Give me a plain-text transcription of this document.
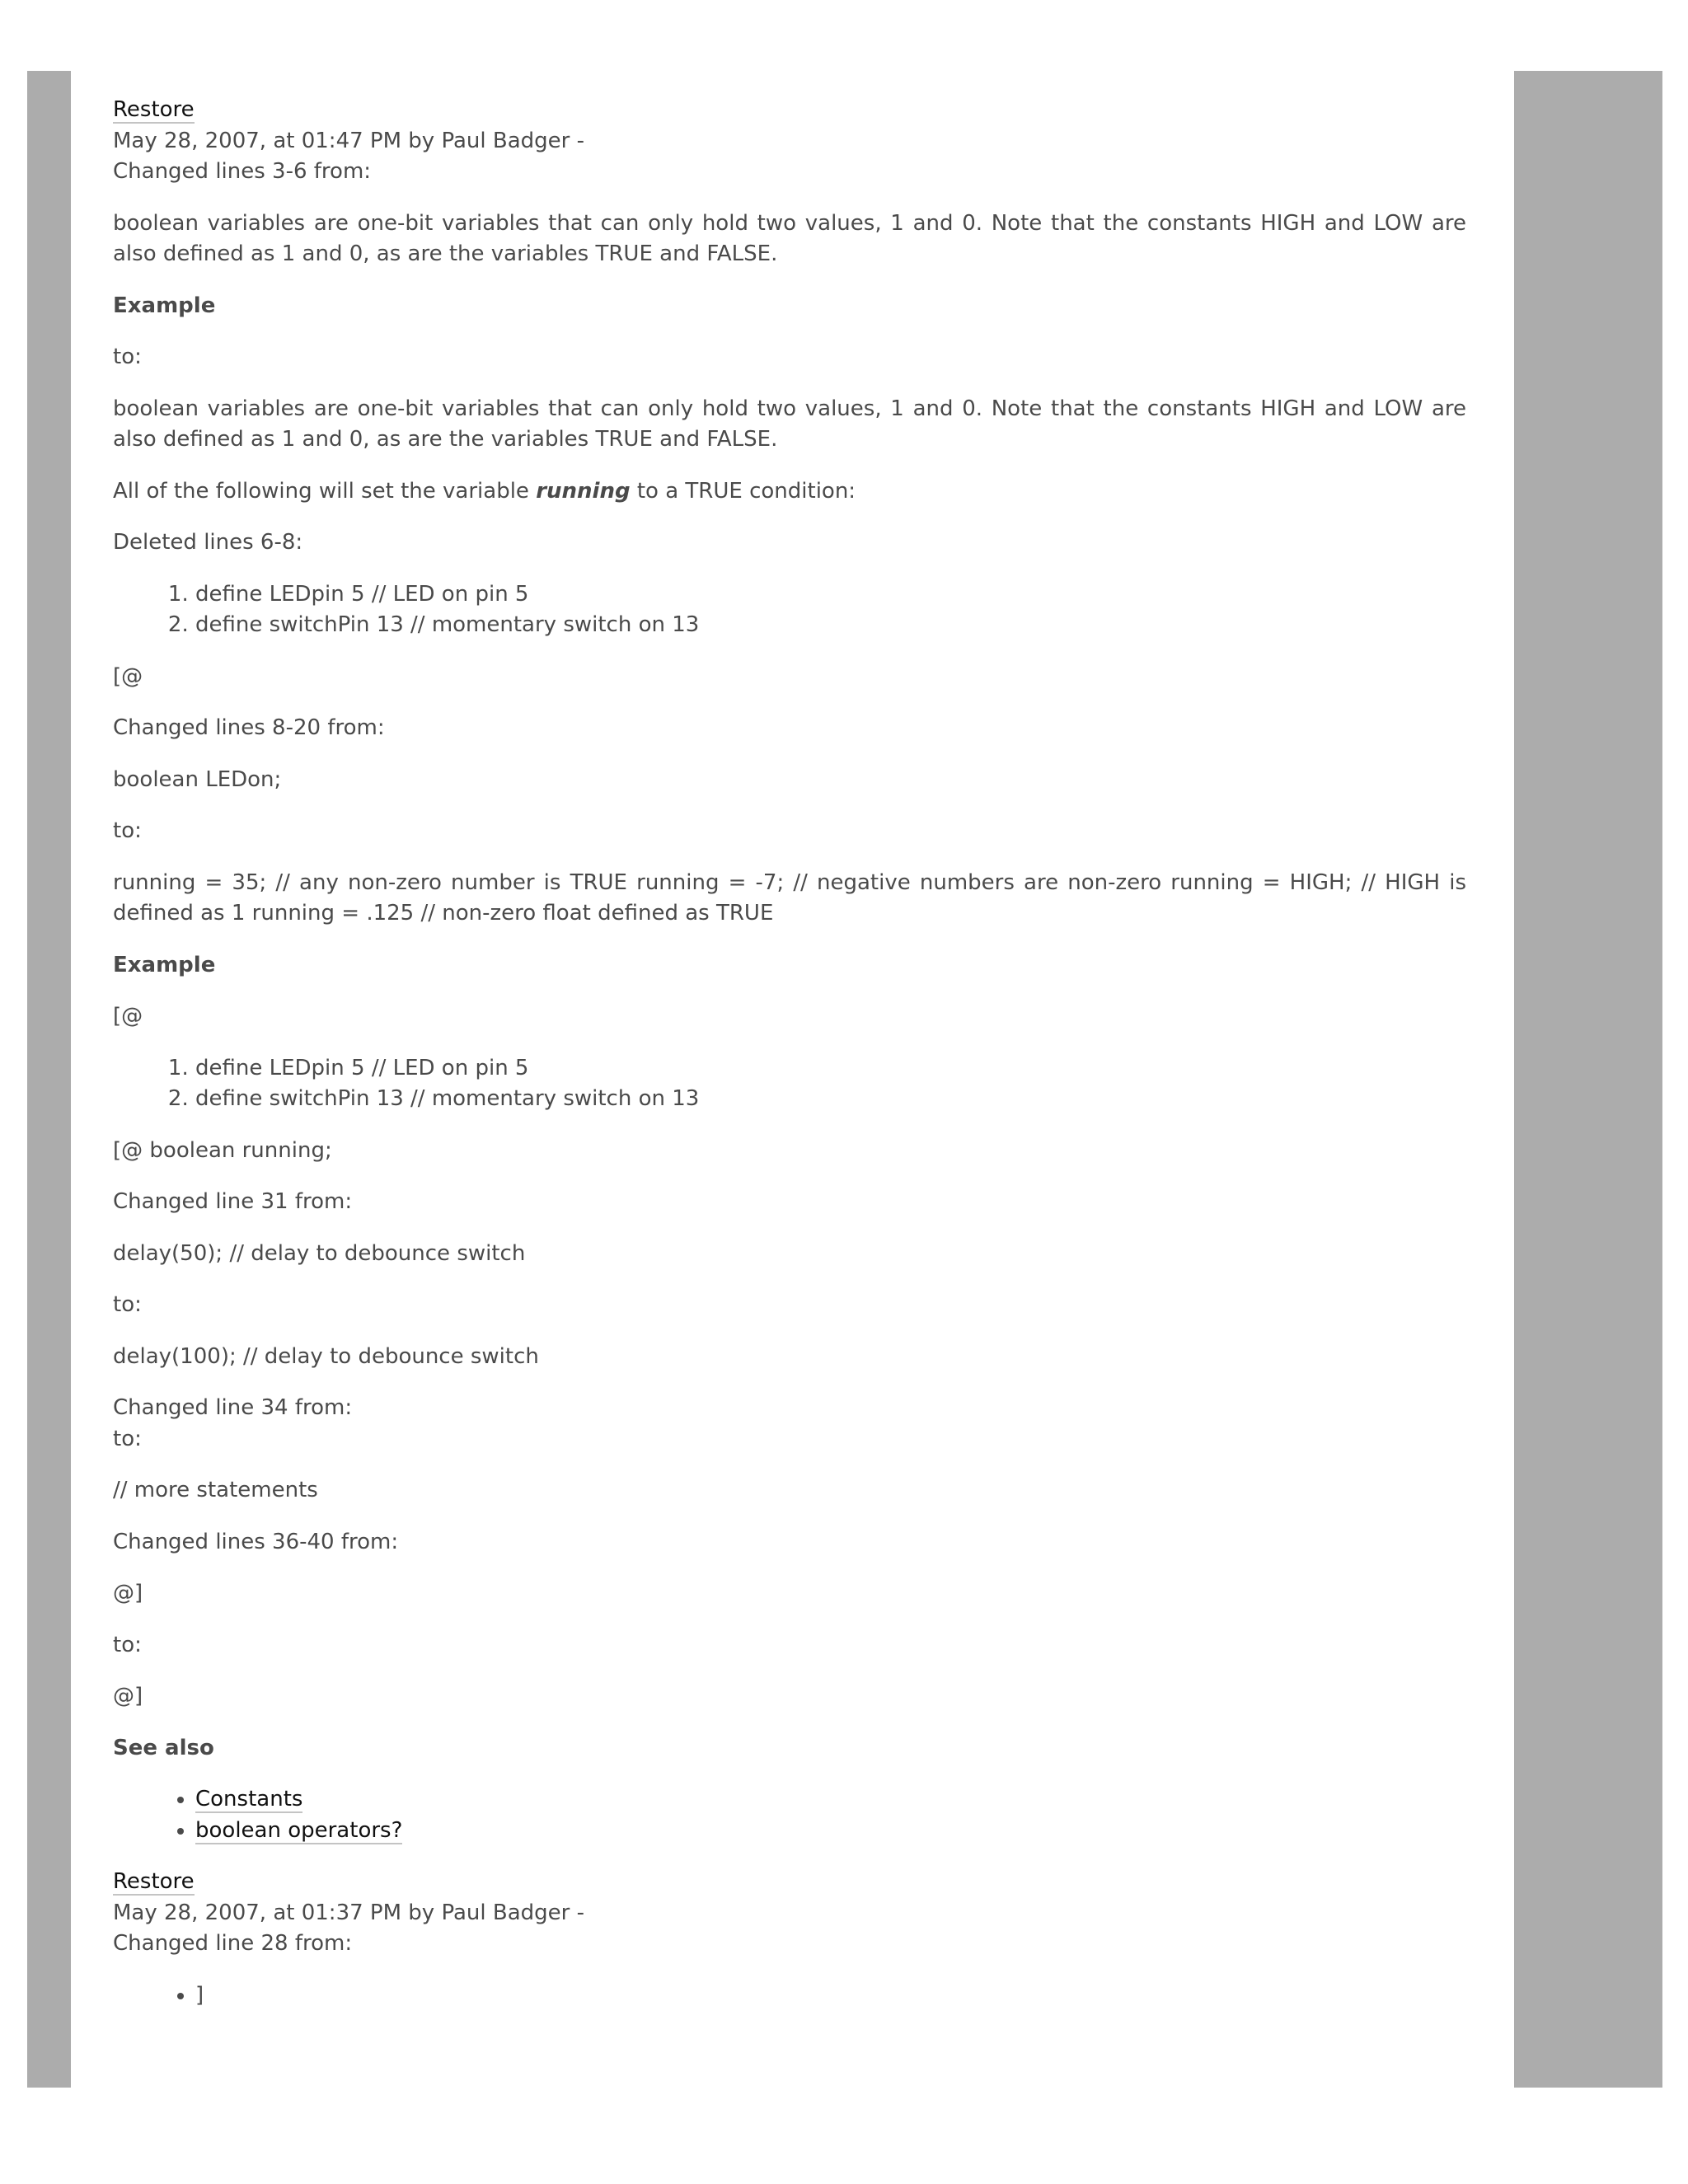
Restore

May 28, 2007, at 01:47 PM by Paul Badger -

Changed lines 3-6 from:

boolean variables are one-bit variables that can only hold two values, 1 and 0. Note that the constants HIGH and LOW are also defined as 1 and 0, as are the variables TRUE and FALSE.

Example

to:

boolean variables are one-bit variables that can only hold two values, 1 and 0. Note that the constants HIGH and LOW are also defined as 1 and 0, as are the variables TRUE and FALSE.

All of the following will set the variable running to a TRUE condition:

Deleted lines 6-8:

1. define LEDpin 5 // LED on pin 5
2. define switchPin 13 // momentary switch on 13

[@

Changed lines 8-20 from:

boolean LEDon;

to:

running = 35; // any non-zero number is TRUE running = -7; // negative numbers are non-zero running = HIGH; // HIGH is defined as 1 running = .125 // non-zero float defined as TRUE

Example

[@

1. define LEDpin 5 // LED on pin 5
2. define switchPin 13 // momentary switch on 13

[@ boolean running;

Changed line 31 from:

delay(50); // delay to debounce switch

to:

delay(100); // delay to debounce switch

Changed line 34 from:

to:

// more statements

Changed lines 36-40 from:

@]

to:

@]

See also

• Constants
• boolean operators?

Restore

May 28, 2007, at 01:37 PM by Paul Badger -

Changed line 28 from:

• ]
